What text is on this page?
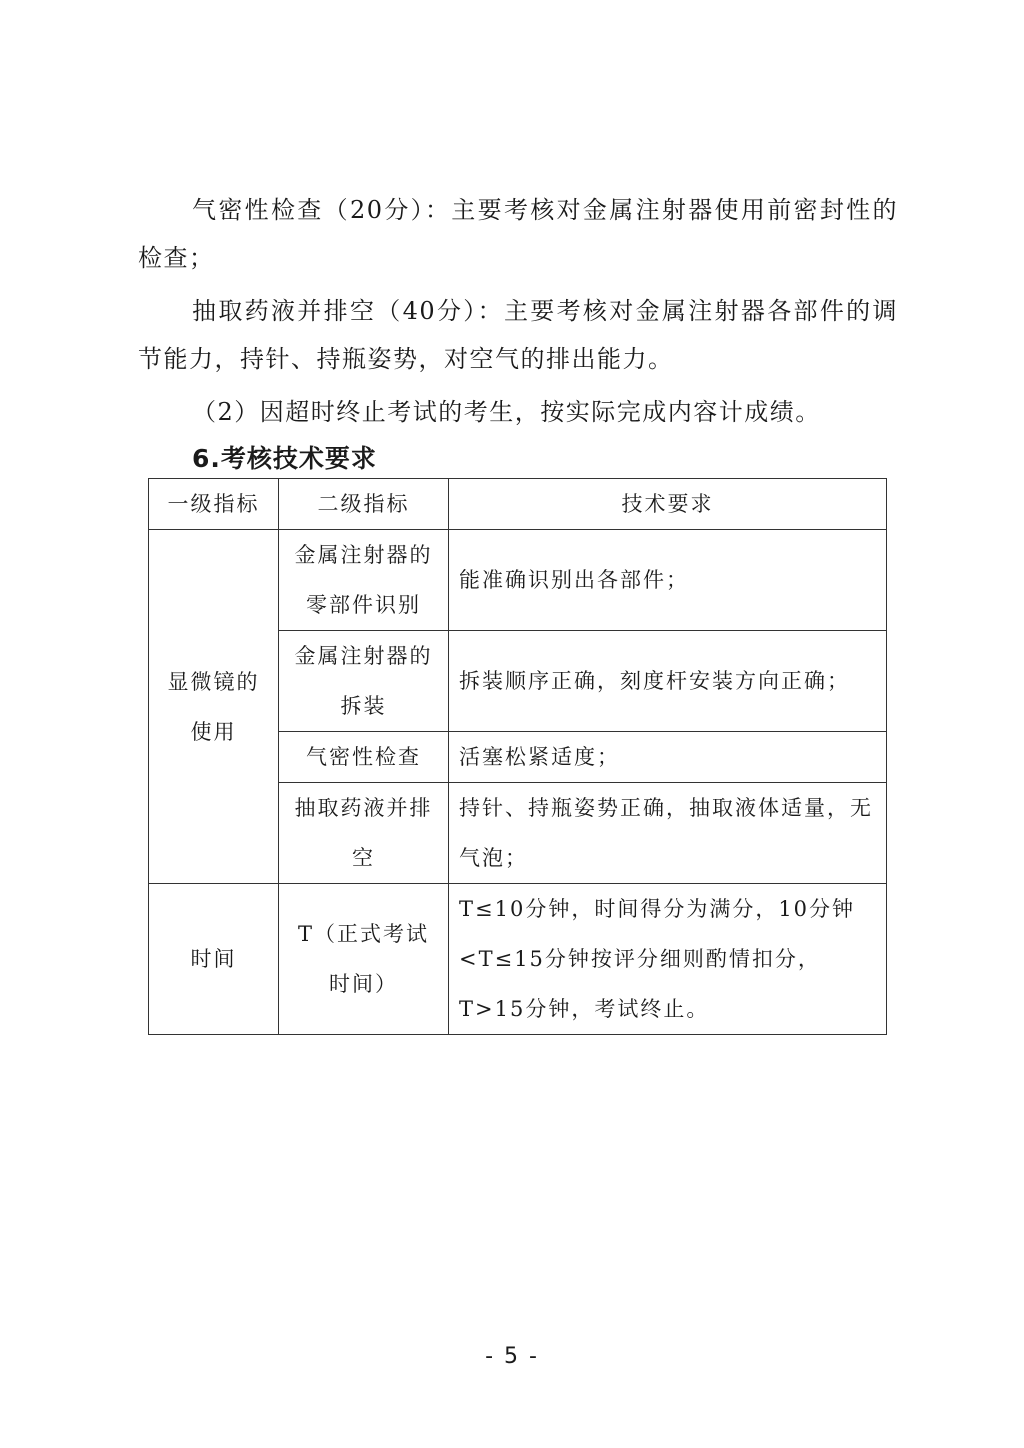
气密性检查（20分）：主要考核对金属注射器使用前密封性的检查；

抽取药液并排空（40分）：主要考核对金属注射器各部件的调节能力，持针、持瓶姿势，对空气的排出能力。

（2）因超时终止考试的考生，按实际完成内容计成绩。

6.考核技术要求
一级指标	二级指标	技术要求
显微镜的使用	金属注射器的零部件识别	能准确识别出各部件；
	金属注射器的拆装	拆装顺序正确，刻度杆安装方向正确；
	气密性检查	活塞松紧适度；
	抽取药液并排空	持针、持瓶姿势正确，抽取液体适量，无气泡；
时间	T（正式考试时间）	T≤10分钟，时间得分为满分，10分钟<T≤15分钟按评分细则酌情扣分，T>15分钟，考试终止。
- 5 -
